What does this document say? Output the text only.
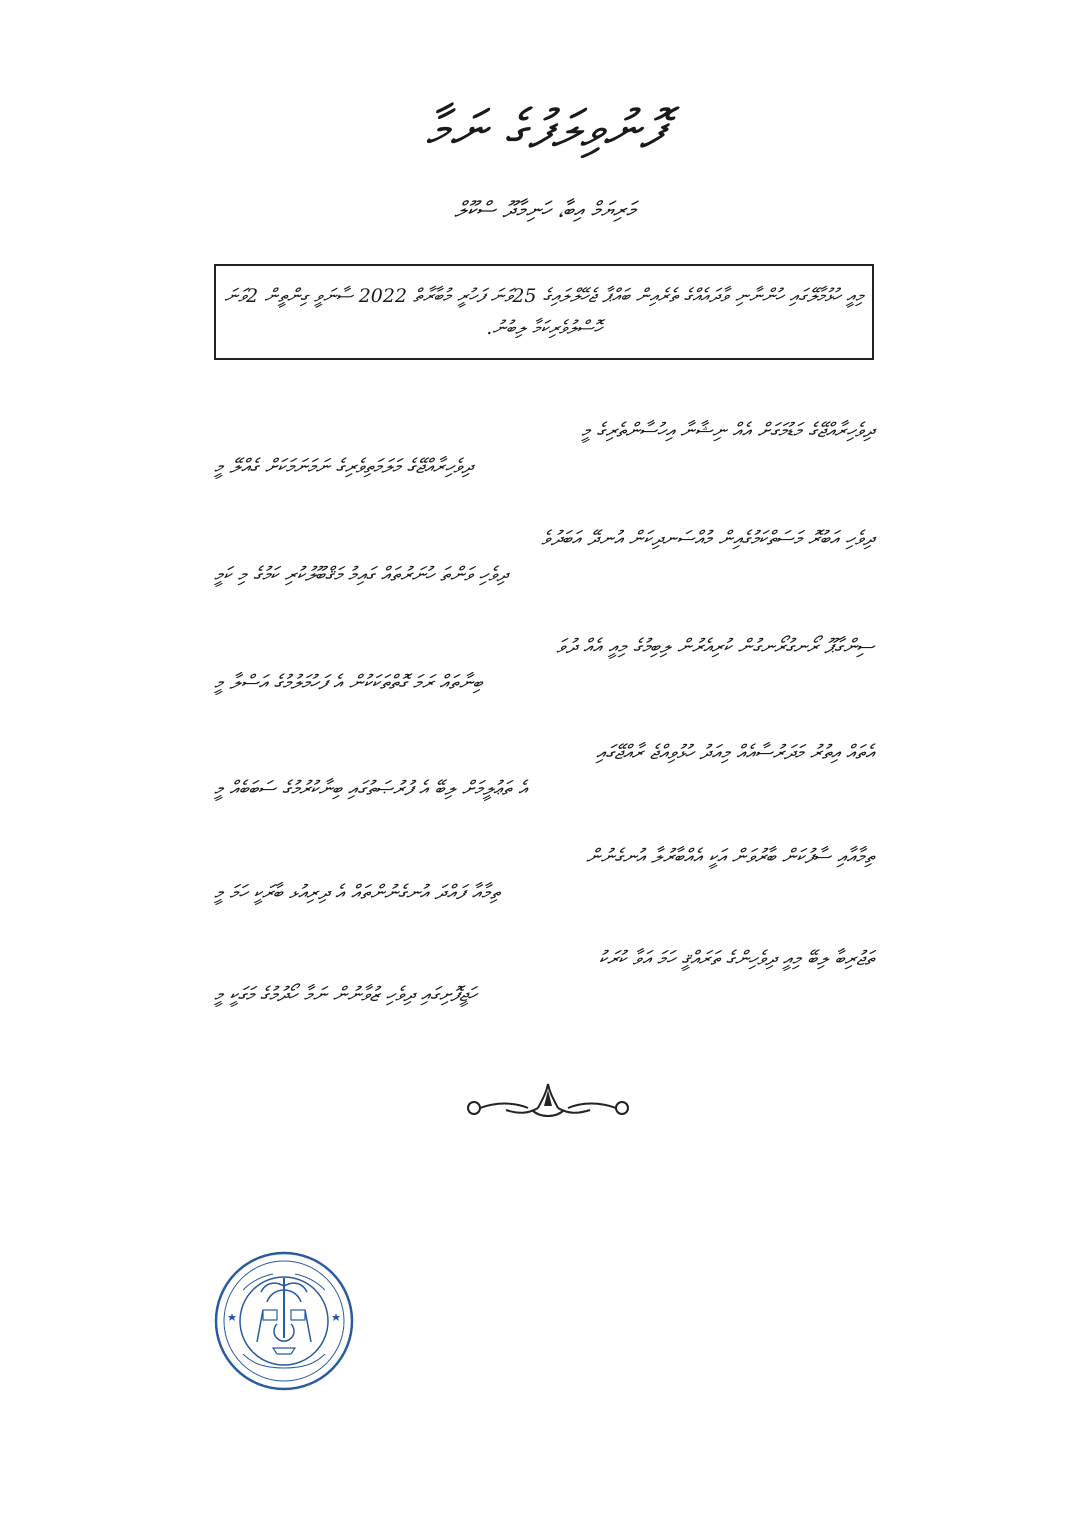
ފޮނުވިލަފުގެ ނަމާ
މަރިޔަމް އިބާ، ހަނިމާދޫ ސްކޫލް
މިއީ ހުޅުމާލޭގައި ހުންނާނި ވާދައެއްގެ ތެރެއިން ބައްޕާ ޖެހޭލްލައިގެ 25ވަނަ ފަހުރީ މުބާރާތް 2022 ސާނަވީ ގިންތީން 2ވަނަ ހޮސްލުވެރިކަމާ ލިބުނު.
ދިވެހިރާއްޖޭގެ މަޑުމަގަށް އެއް ނިޝާނާ އިހުސާންތެރިގެ މީ
ދިވެހިރާއްޖޭގެ މަލަމަތިވެރިގެ ނަމަނަމަކަށް ގެއްލޭ މީ
ދިވެހި އަބުރޮ މަސަތްކަމުގެއިން މުއްސަނދިކަން އުނދޭ އަބަދުވެ
ދިވެހި ވަންތަ ހުނަރުތައް ގައިމު މަޤްބޫލުކުރި ކަމުގެ މި ކަމީ
ސިންގާޕޫ ރޯނގުރޯނގުން ކުރިއެރުން ލިބިމުގެ މިއީ އެއް ދުވަ
ބިނާތައް ރަމަ ގޮތްތަކަކުން އެ ފަހުމަލުމުގެ އަސްލާ މީ
އެތައް އިތުރު މަދަރުސާއެއް މިއަދު ހުޅުވިއްޖެ ރާއްޖޭގައި
އެ ތަޢުލީމަށް ލިބޭ އެ ފުރުޞަތުގައި ބިނާކުރުމުގެ ސަބަބެއް މީ
ތިމާއާއި ސާފުކަން ބާރުވަން އަކީ އެއްބާރުލާ އުނގެނުން
ތިމާއާ ފައްދަ އުނގެނުންތައް އެ ދިރިއުޅ ބާރަކީ ހަމަ މީ
ތަޖުރިބާ ލިބޭ މިއީ ދިވެހިންގެ ތަރައްޤީ ހަމަ އަވާ ކުރަކު
ހަޖީފޮށިގައި ދިވެހި ޒުވާނުން ނަމާ ހޯދުމުގެ މަގަކީ މީ
